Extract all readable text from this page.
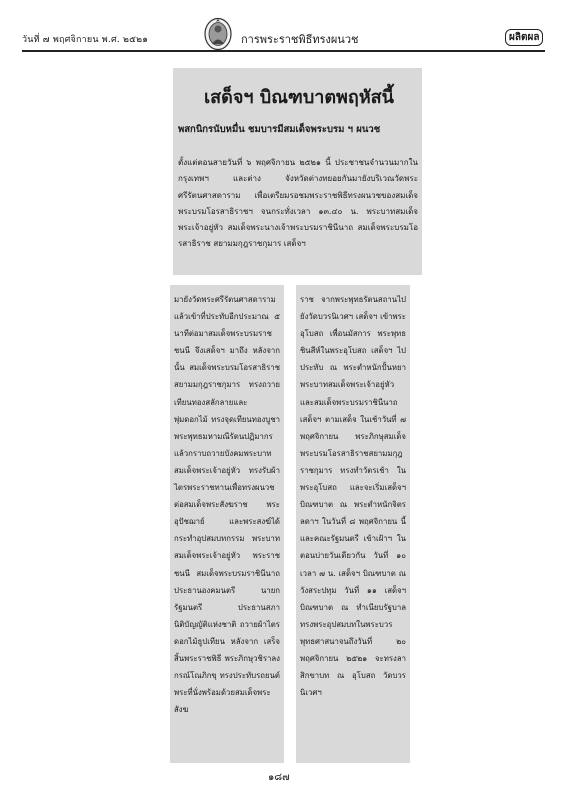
วันที่ ๗ พฤศจิกายน พ.ศ. ๒๕๒๑	การพระราชพิธีทรงผนวช	ผลิตผล
เสด็จฯ บิณฑบาตพฤหัสนี้
พสกนิกรนับหมื่น ชมบารมีสมเด็จพระบรม ฯ ผนวช
ตั้งแต่ตอนสายวันที่ ๖ พฤศจิกายน ๒๕๒๑ นี้ ประชาชนจำนวนมากในกรุงเทพฯ และต่าง จังหวัดต่างทยอยกันมายังบริเวณวัดพระศรีรัตนศาสดาราม เพื่อเตรียมรอชมพระราชพิธีทรงผนวชของสมเด็จพระบรมโอรสาธิราชฯ จนกระทั่งเวลา ๑๓.๔๐ น. พระบาทสมเด็จพระเจ้าอยู่หัว สมเด็จพระนางเจ้าพระบรมราชินีนาถ สมเด็จพระบรมโอรสาธิราช สยามมกุฎราชกุมาร เสด็จฯ
มายังวัดพระศรีรัตนศาสดาราม แล้วเข้าที่ประทับอีกประมาณ ๕ นาทีต่อมาสมเด็จพระบรมราชชนนี จึงเสด็จฯ มาถึง หลังจากนั้น สมเด็จพระบรมโอรสาธิราชสยามมกุฎราชกุมาร ทรงถวายเทียนทองสลักลายและพุ่มดอกไม้ ทรงจุดเทียนทองบูชาพระพุทธมหามณีรัตนปฏิมากร แล้วกราบถวายบังคมพระบาทสมเด็จพระเจ้าอยู่หัว ทรงรับผ้าไตรพระราชทานเพื่อทรงผนวชต่อสมเด็จพระสังฆราช พระอุปัชฌาย์ และพระสงฆ์ได้กระทำอุปสมบทกรรม พระบาทสมเด็จพระเจ้าอยู่หัว พระราชชนนี สมเด็จพระบรมราชินีนาถ ประธานองคมนตรี นายกรัฐมนตรี ประธานสภานิติบัญญัติแห่งชาติ ถวายผ้าไตร ดอกไม้ธูปเทียน หลังจาก เสร็จสิ้นพระราชพิธี พระภิกษุวชิราลงกรณ์โณภิกขุ ทรงประทับรถยนต์พระที่นั่งพร้อมด้วยสมเด็จพระสังฆ
ราช จากพระพุทธรัตนสถานไปยังวัดบวรนิเวศฯ เสด็จฯ เข้าพระอุโบสถ เพื่อนมัสการ พระพุทธชินสีห์ในพระอุโบสถ เสด็จฯ ไปประทับ ณ พระตำหนักปั้นหยา พระบาทสมเด็จพระเจ้าอยู่หัว และสมเด็จพระบรมราชินีนาถเสด็จฯ ตามเสด็จ ในเช้าวันที่ ๗ พฤศจิกายน พระภิกษุสมเด็จพระบรมโอรสาธิราชสยามมกุฎราชกุมาร ทรงทำวัตรเช้า ในพระอุโบสถ และจะเริ่มเสด็จฯ บิณฑบาต ณ พระตำหนักจิตรลดาฯ ในวันที่ ๘ พฤศจิกายน นี้ และคณะรัฐมนตรี เข้าเฝ้าฯ ในตอนบ่ายวันเดียวกัน วันที่ ๑๐ เวลา ๗ น. เสด็จฯ บิณฑบาต ณ วังสระปทุม วันที่ ๑๑ เสด็จฯ บิณฑบาต ณ ทำเนียบรัฐบาล ทรงพระอุปสมบทในพระบวรพุทธศาสนาจนถึงวันที่ ๒๐ พฤศจิกายน ๒๕๒๑ จะทรงลาสิกขาบท ณ อุโบสถ วัดบวรนิเวศฯ
๑๘๗
